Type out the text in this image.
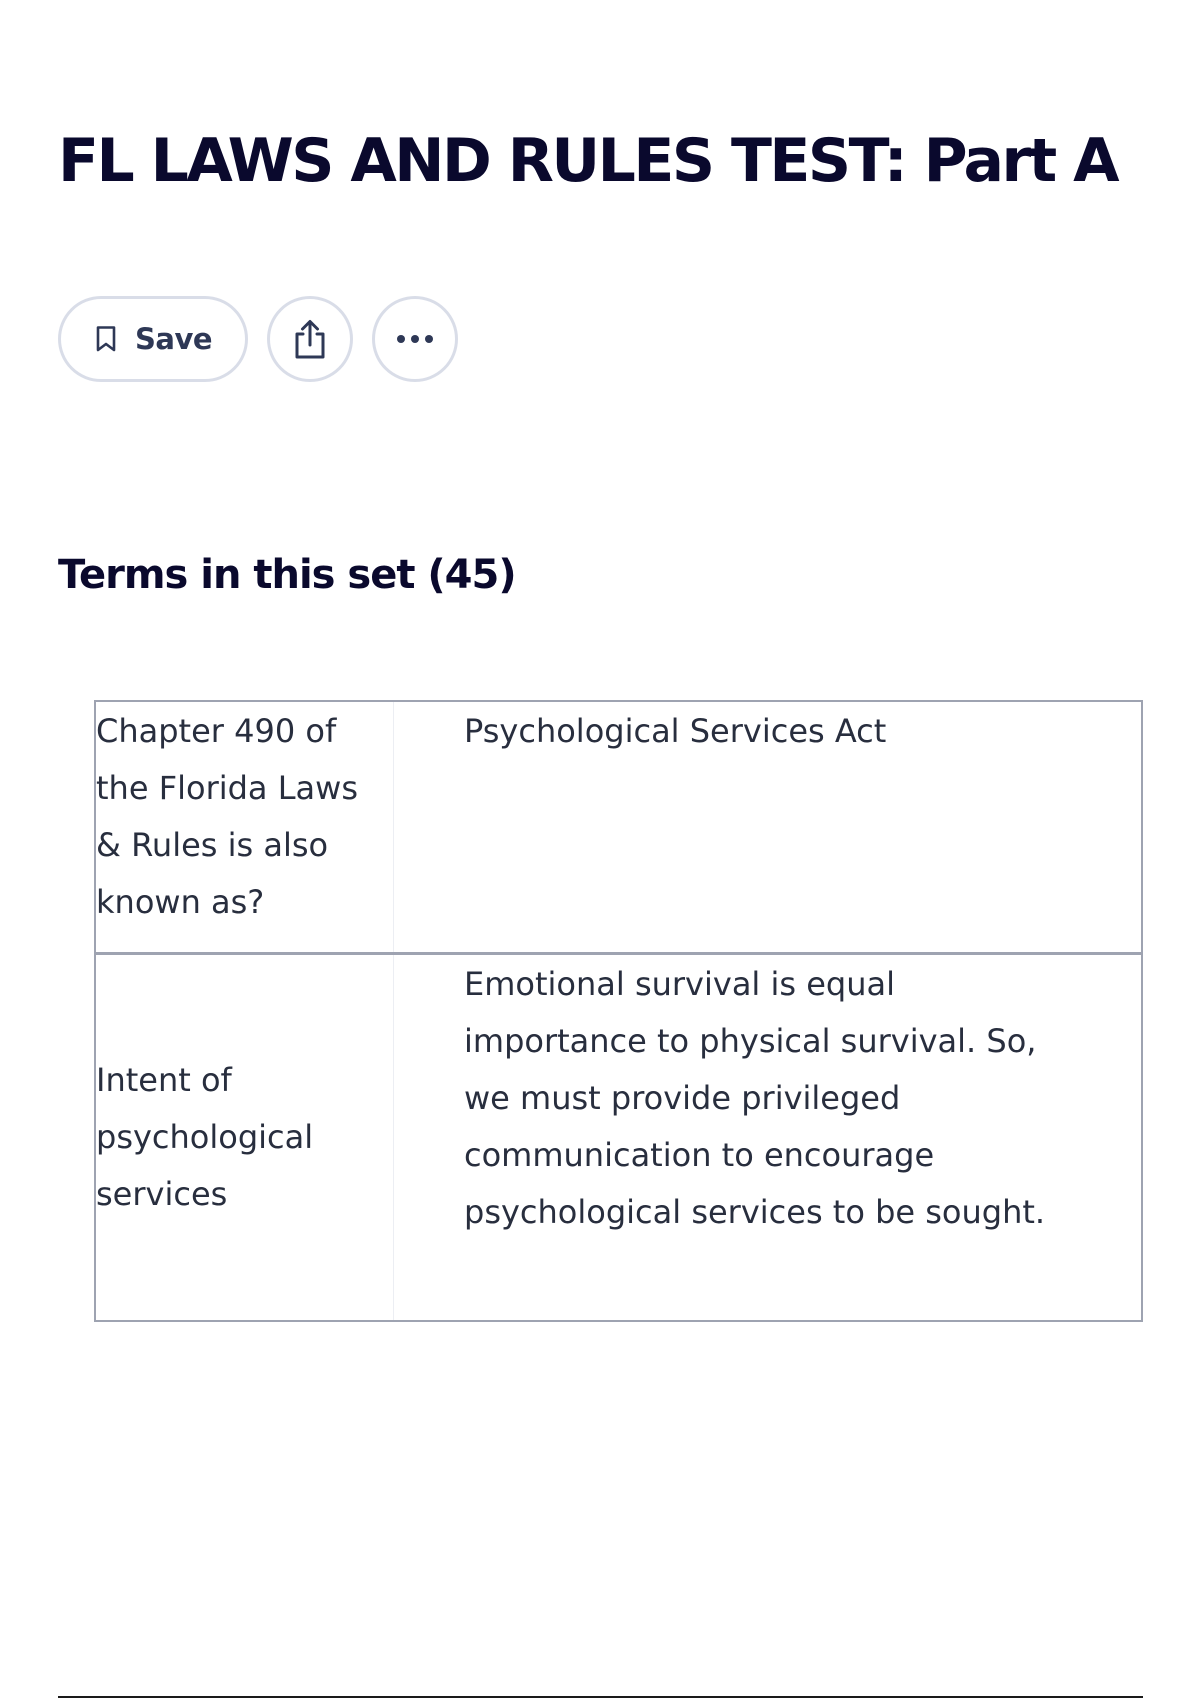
FL LAWS AND RULES TEST: Part A
Save
Terms in this set (45)
Chapter 490 of the Florida Laws & Rules is also known as?
Psychological Services Act
Intent of psychological services
Emotional survival is equal importance to physical survival. So, we must provide privileged communication to encourage psychological services to be sought.
